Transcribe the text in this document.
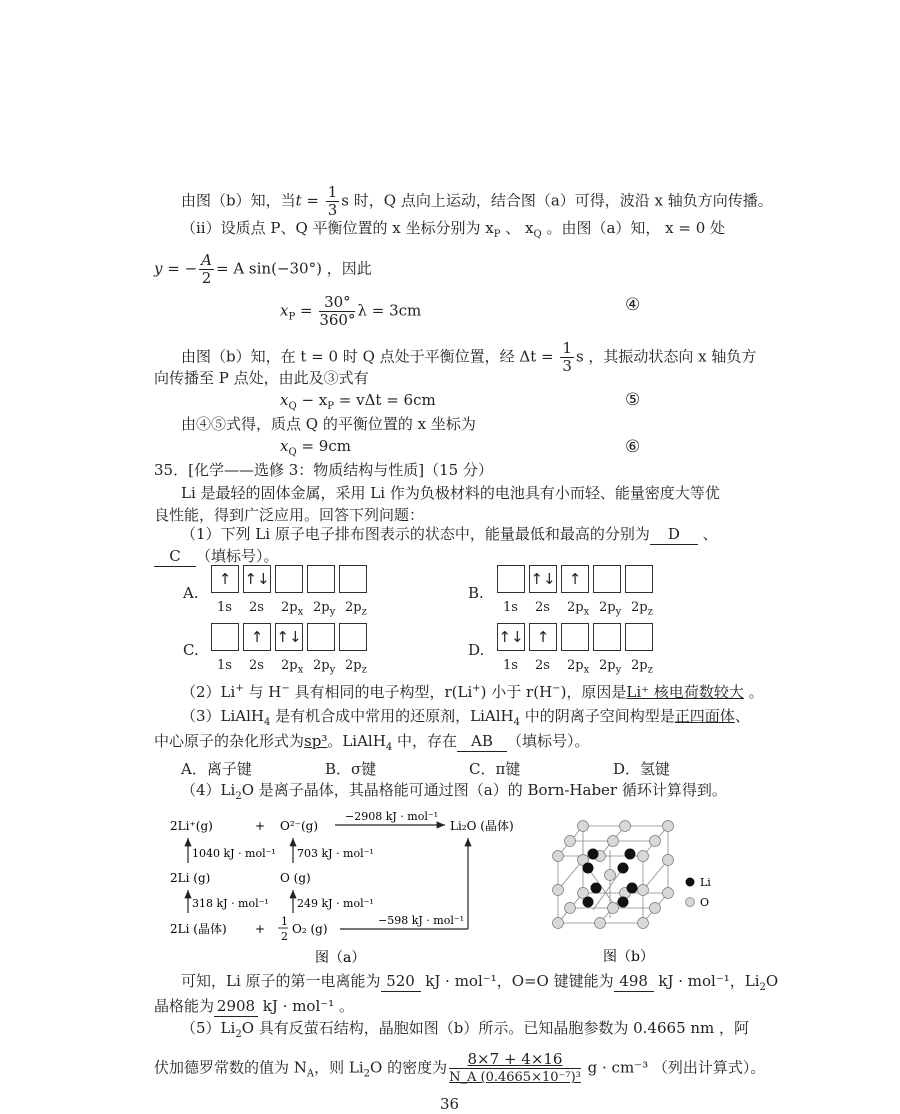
由图（b）知，当$t = \frac{1}{3}$ s 时，Q 点向上运动，结合图（a）可得，波沿 x 轴负方向传播。
（ii）设质点 P、Q 平衡位置的 x 坐标分别为 $x_P$ 、 $x_Q$ 。由图（a）知， x = 0 处
y = − $\frac{A}{2} = A$ sin(−30°) ，因此
$x_P = \frac{30^\circ}{360^\circ}$ λ = 3cm	④
由图（b）知，在 t = 0 时 Q 点处于平衡位置，经 $\Delta t = \frac{1}{3}$ s ，其振动状态向 x 轴负方
向传播至 P 点处，由此及③式有
$x_Q - x_P = v\Delta t = 6cm$	⑤
由④⑤式得，质点 Q 的平衡位置的 x 坐标为
$x_Q = 9cm$	⑥
35．[化学——选修 3：物质结构与性质]（15 分）
Li 是最轻的固体金属，采用 Li 作为负极材料的电池具有小而轻、能量密度大等优
良性能，得到广泛应用。回答下列问题：
（1）下列 Li 原子电子排布图表示的状态中，能量最低和最高的分别为 D 、
C （填标号）。
A.
↑ ↑↓
1s 2s $2p_x$ $2p_y$ $2p_z$
B.
↑↓ ↑
1s 2s $2p_x$ $2p_y$ $2p_z$
C.
↑ ↑↓
1s 2s $2p_x$ $2p_y$ $2p_z$
D.
↑↓ ↑
1s 2s $2p_x$ $2p_y$ $2p_z$
（2）Li+ 与 H− 具有相同的电子构型，r(Li+) 小于 r(H−)，原因是Li⁺ 核电荷数较大 。
（3）LiAlH$_4$ 是有机合成中常用的还原剂，LiAlH$_4$ 中的阴离子空间构型是正四面体、
中心原子的杂化形式为sp³。LiAlH$_4$ 中，存在 AB （填标号）。
A．离子键	B．σ键	C．π键	D．氢键
$(4)Li_2O$ 是离子晶体，其晶格能可通过图（a）的 Born-Haber 循环计算得到。
2Li⁺(g)	+ O²⁻(g)
−2908 kJ · mol⁻¹
Li₂O (晶体)
1040 kJ · mol⁻¹ 703 kJ · mol⁻¹
2Li (g)	O (g)
318 kJ · mol⁻¹	249 kJ · mol⁻¹
2Li (晶体) +
1
2
O₂ (g)
−598 kJ · mol⁻¹
图（a）
Li
O
图（b）
可知，Li 原子的第一电离能为 520 kJ · mol⁻¹，O=O 键键能为 498 kJ · mol⁻¹，$Li_2O$
晶格能为 2908 kJ · mol⁻¹ 。
$(5)Li_2O$ 具有反萤石结构，晶胞如图（b）所示。已知晶胞参数为 0.4665 nm ，阿
伏加德罗常数的值为 $N_A$，则 $Li_2O$ 的密度为 $\frac{8\times 7 + 4\times 16}{\text{N\_A (0.4665×10⁻⁷)³}}$ g · cm⁻³ （列出计算式）。
36
